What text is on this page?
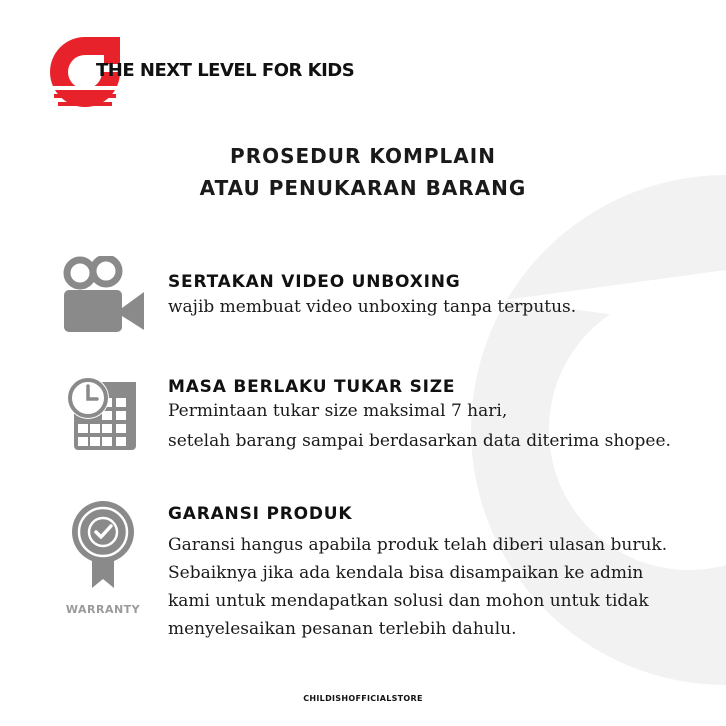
THE NEXT LEVEL FOR KIDS
PROSEDUR KOMPLAIN
ATAU PENUKARAN BARANG
SERTAKAN VIDEO UNBOXING
wajib membuat video unboxing tanpa terputus.
MASA BERLAKU TUKAR SIZE
Permintaan tukar size maksimal 7 hari,
setelah barang sampai berdasarkan data diterima shopee.
WARRANTY
GARANSI PRODUK
Garansi hangus apabila produk telah diberi ulasan buruk.
Sebaiknya jika ada kendala bisa disampaikan ke admin
kami untuk mendapatkan solusi dan mohon untuk tidak
menyelesaikan pesanan terlebih dahulu.
CHILDISHOFFICIALSTORE
